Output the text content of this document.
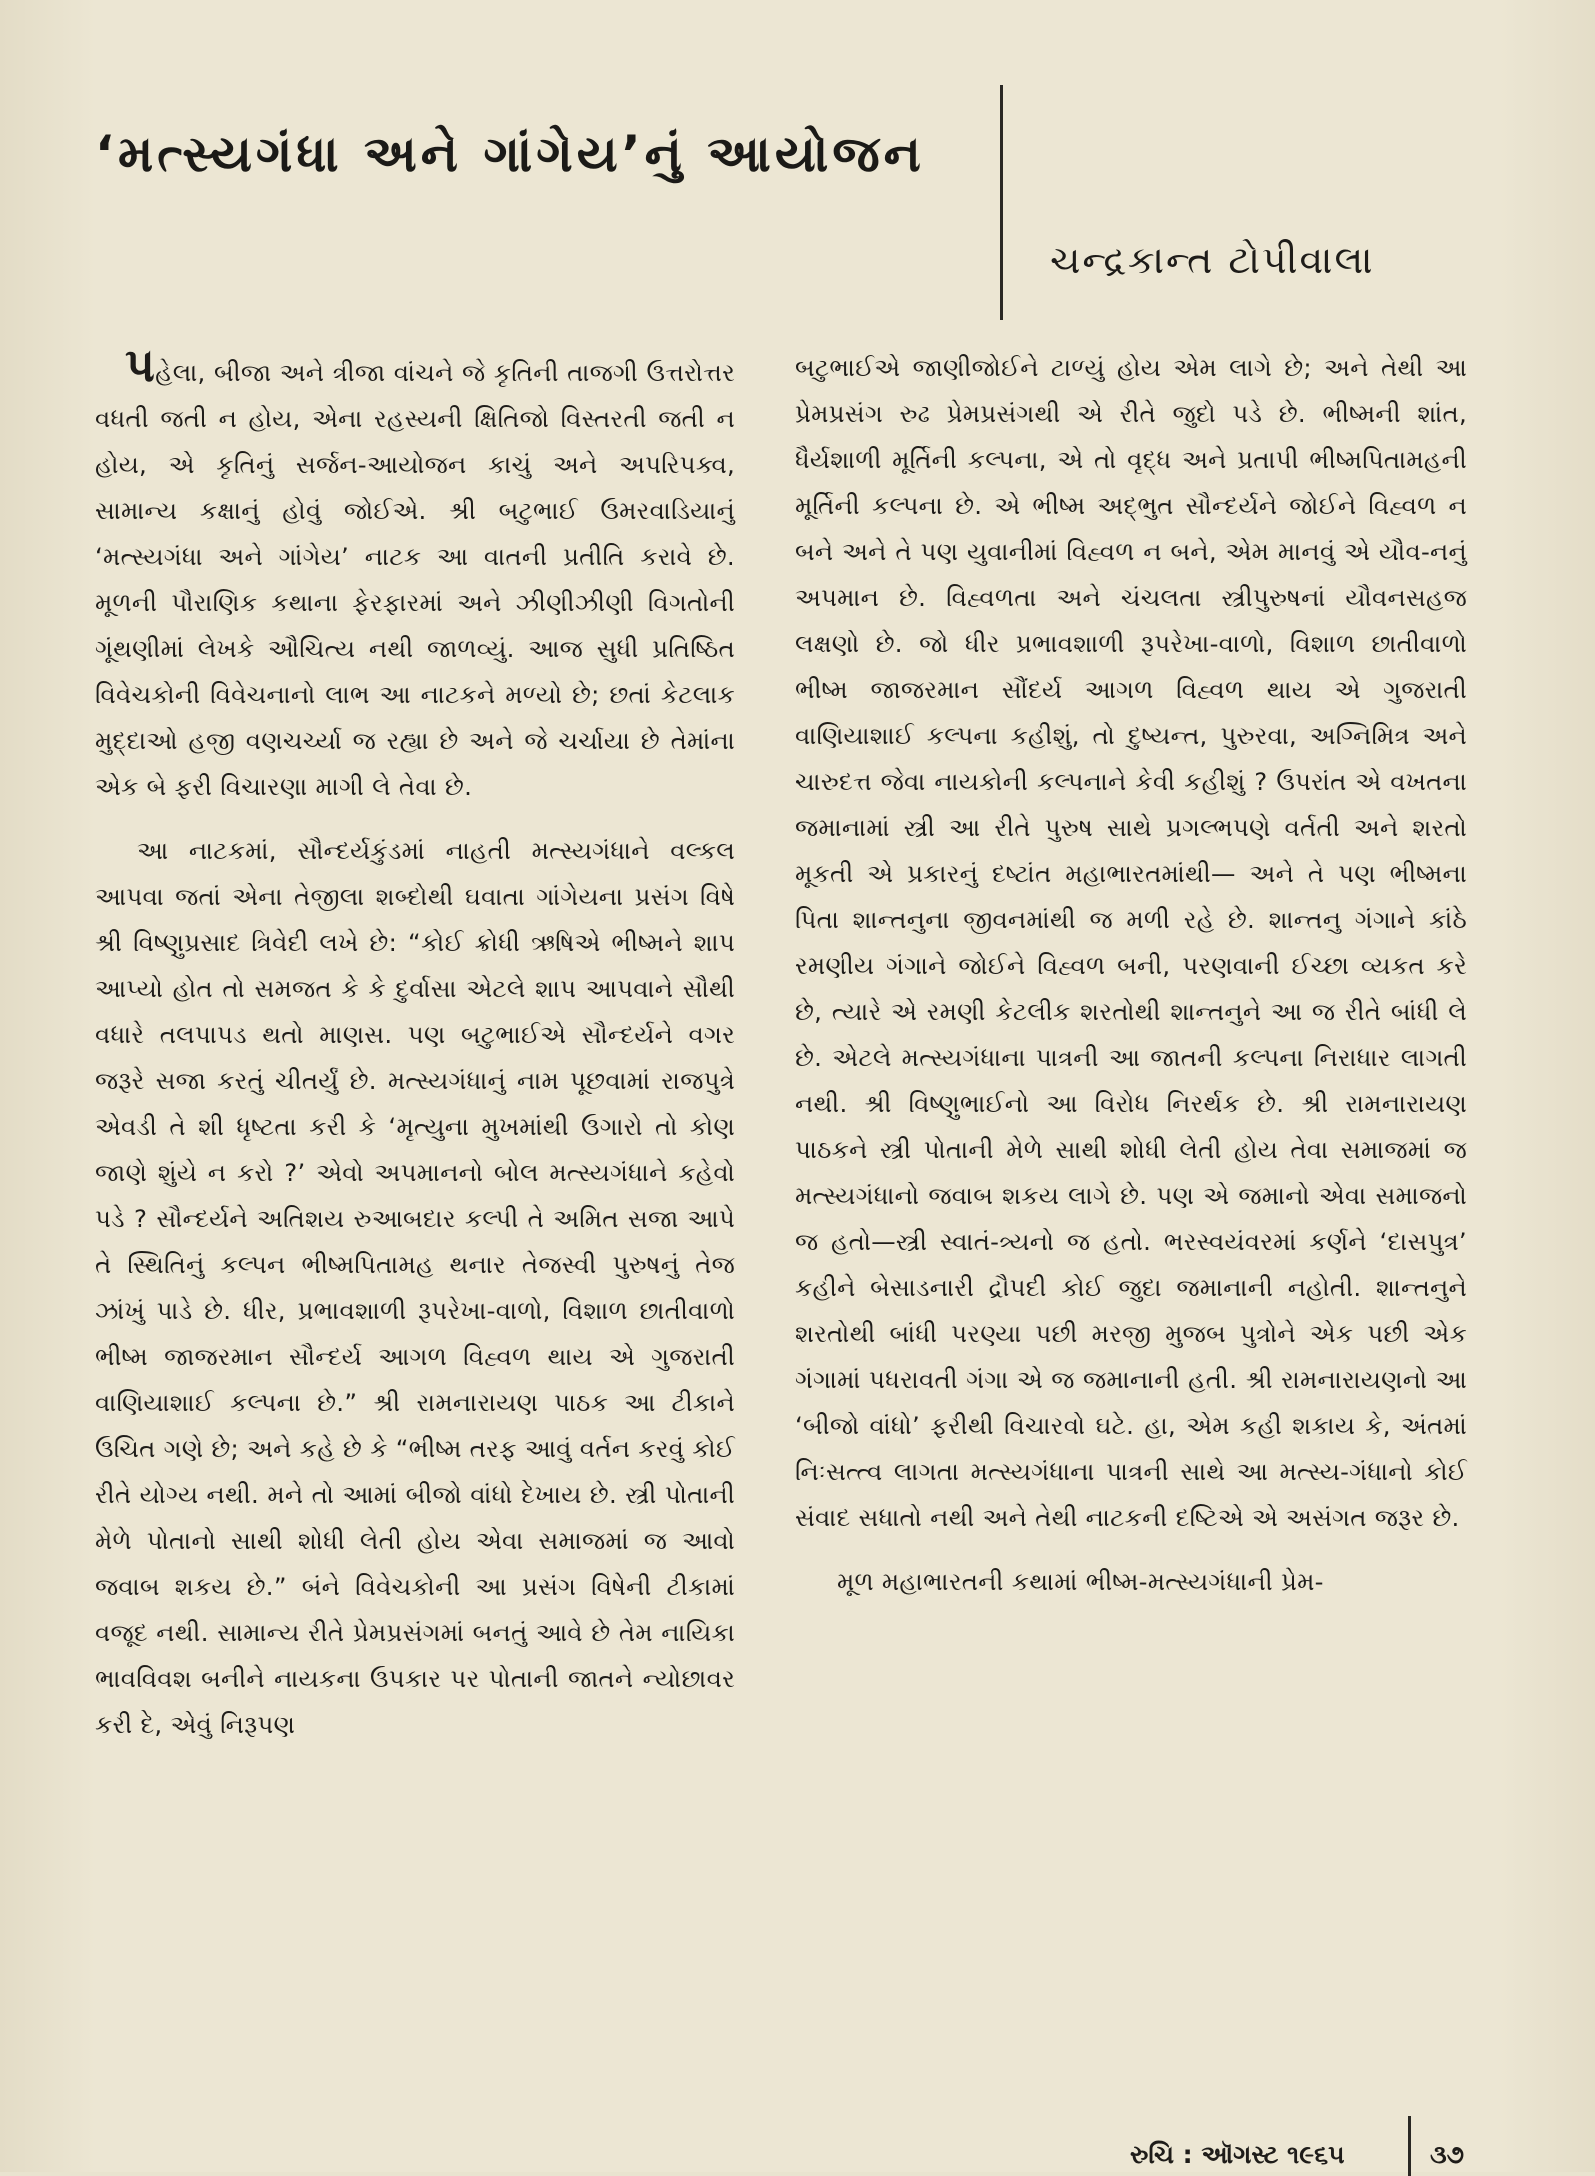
‘મત્સ્યગંધા અને ગાંગેય’નું આયોજન
ચન્દ્રકાન્ત ટોપીવાલા

પહેલા, બીજા અને ત્રીજા વાંચને જે કૃતિની તાજગી ઉત્તરોત્તર વધતી જતી ન હોય, એના રહસ્યની ક્ષિતિજો વિસ્તરતી જતી ન હોય, એ કૃતિનું સર્જન-આયોજન કાચું અને અપરિપક્વ, સામાન્ય કક્ષાનું હોવું જોઈએ. શ્રી બટુભાઈ ઉમરવાડિયાનું ‘મત્સ્યગંધા અને ગાંગેય’ નાટક આ વાતની પ્રતીતિ કરાવે છે. મૂળની પૌરાણિક કથાના ફેરફારમાં અને ઝીણીઝીણી વિગતોની ગૂંથણીમાં લેખકે ઔચિત્ય નથી જાળવ્યું. આજ સુધી પ્રતિષ્ઠિત વિવેચકોની વિવેચનાનો લાભ આ નાટકને મળ્યો છે; છતાં કેટલાક મુદ્દાઓ હજી વણચર્ચ્યા જ રહ્યા છે અને જે ચર્ચાયા છે તેમાંના એક બે ફરી વિચારણા માગી લે તેવા છે.

આ નાટકમાં, સૌન્દર્યકુંડમાં નાહતી મત્સ્યગંધાને વલ્કલ આપવા જતાં એના તેજીલા શબ્દોથી ઘવાતા ગાંગેયના પ્રસંગ વિષે શ્રી વિષ્ણુપ્રસાદ ત્રિવેદી લખે છે: “કોઈ ક્રોધી ઋષિએ ભીષ્મને શાપ આપ્યો હોત તો સમજત કે કે દુર્વાસા એટલે શાપ આપવાને સૌથી વધારે તલપાપડ થતો માણસ. પણ બટુભાઈએ સૌન્દર્યને વગર જરૂરે સજા કરતું ચીતર્યું છે. મત્સ્યગંધાનું નામ પૂછવામાં રાજપુત્રે એવડી તે શી ધૃષ્ટતા કરી કે ‘મૃત્યુના મુખમાંથી ઉગારો તો કોણ જાણે શુંયે ન કરો ?’ એવો અપમાનનો બોલ મત્સ્યગંધાને કહેવો પડે ? સૌન્દર્યને અતિશય રુઆબદાર કલ્પી તે અમિત સજા આપે તે સ્થિતિનું કલ્પન ભીષ્મપિતામહ થનાર તેજસ્વી પુરુષનું તેજ ઝાંખું પાડે છે. ધીર, પ્રભાવશાળી રૂપરેખા-વાળો, વિશાળ છાતીવાળો ભીષ્મ જાજરમાન સૌન્દર્ય આગળ વિહ્વળ થાય એ ગુજરાતી વાણિયાશાઈ કલ્પના છે.” શ્રી રામનારાયણ પાઠક આ ટીકાને ઉચિત ગણે છે; અને કહે છે કે “ભીષ્મ તરફ આવું વર્તન કરવું કોઈ રીતે યોગ્ય નથી. મને તો આમાં બીજો વાંધો દેખાય છે. સ્ત્રી પોતાની મેળે પોતાનો સાથી શોધી લેતી હોય એવા સમાજમાં જ આવો જવાબ શકય છે.” બંને વિવેચકોની આ પ્રસંગ વિષેની ટીકામાં વજૂદ નથી. સામાન્ય રીતે પ્રેમપ્રસંગમાં બનતું આવે છે તેમ નાયિકા ભાવવિવશ બનીને નાયકના ઉપકાર પર પોતાની જાતને ન્યોછાવર કરી દે, એવું નિરૂપણ

બટુભાઈએ જાણીજોઈને ટાળ્યું હોય એમ લાગે છે; અને તેથી આ પ્રેમપ્રસંગ રુઢ પ્રેમપ્રસંગથી એ રીતે જુદો પડે છે. ભીષ્મની શાંત, ધૈર્યશાળી મૂર્તિની કલ્પના, એ તો વૃદ્ધ અને પ્રતાપી ભીષ્મપિતામહની મૂર્તિની કલ્પના છે. એ ભીષ્મ અદ્ભુત સૌન્દર્યને જોઈને વિહ્વળ ન બને અને તે પણ યુવાનીમાં વિહ્વળ ન બને, એમ માનવું એ યૌવ-નનું અપમાન છે. વિહ્વળતા અને ચંચલતા સ્ત્રીપુરુષનાં યૌવનસહજ લક્ષણો છે. જો ધીર પ્રભાવશાળી રૂપરેખા-વાળો, વિશાળ છાતીવાળો ભીષ્મ જાજરમાન સૌંદર્ય આગળ વિહ્વળ થાય એ ગુજરાતી વાણિયાશાઈ કલ્પના કહીશું, તો દુષ્યન્ત, પુરુરવા, અગ્નિમિત્ર અને ચારુદત્ત જેવા નાયકોની કલ્પનાને કેવી કહીશું ? ઉપરાંત એ વખતના જમાનામાં સ્ત્રી આ રીતે પુરુષ સાથે પ્રગલ્ભપણે વર્તતી અને શરતો મૂકતી એ પ્રકારનું દષ્ટાંત મહાભારતમાંથી— અને તે પણ ભીષ્મના પિતા શાન્તનુના જીવનમાંથી જ મળી રહે છે. શાન્તનુ ગંગાને કાંઠે રમણીય ગંગાને જોઈને વિહ્વળ બની, પરણવાની ઈચ્છા વ્યકત કરે છે, ત્યારે એ રમણી કેટલીક શરતોથી શાન્તનુને આ જ રીતે બાંધી લે છે. એટલે મત્સ્યગંધાના પાત્રની આ જાતની કલ્પના નિરાધાર લાગતી નથી. શ્રી વિષ્ણુભાઈનો આ વિરોધ નિરર્થક છે. શ્રી રામનારાયણ પાઠકને સ્ત્રી પોતાની મેળે સાથી શોધી લેતી હોય તેવા સમાજમાં જ મત્સ્યગંધાનો જવાબ શકય લાગે છે. પણ એ જમાનો એવા સમાજનો જ હતો—સ્ત્રી સ્વાતં-ત્ર્યનો જ હતો. ભરસ્વયંવરમાં કર્ણને ‘દાસપુત્ર’ કહીને બેસાડનારી દ્રૌપદી કોઈ જુદા જમાનાની નહોતી. શાન્તનુને શરતોથી બાંધી પરણ્યા પછી મરજી મુજબ પુત્રોને એક પછી એક ગંગામાં પધરાવતી ગંગા એ જ જમાનાની હતી. શ્રી રામનારાયણનો આ ‘બીજો વાંધો’ ફરીથી વિચારવો ઘટે. હા, એમ કહી શકાય કે, અંતમાં નિઃસત્ત્વ લાગતા મત્સ્યગંધાના પાત્રની સાથે આ મત્સ્ય-ગંધાનો કોઈ સંવાદ સધાતો નથી અને તેથી નાટકની દષ્ટિએ એ અસંગત જરૂર છે.

મૂળ મહાભારતની કથામાં ભીષ્મ-મત્સ્યગંધાની પ્રેમ-

રુચિ : ઑગસ્ટ ૧૯૬૫	૩૭
